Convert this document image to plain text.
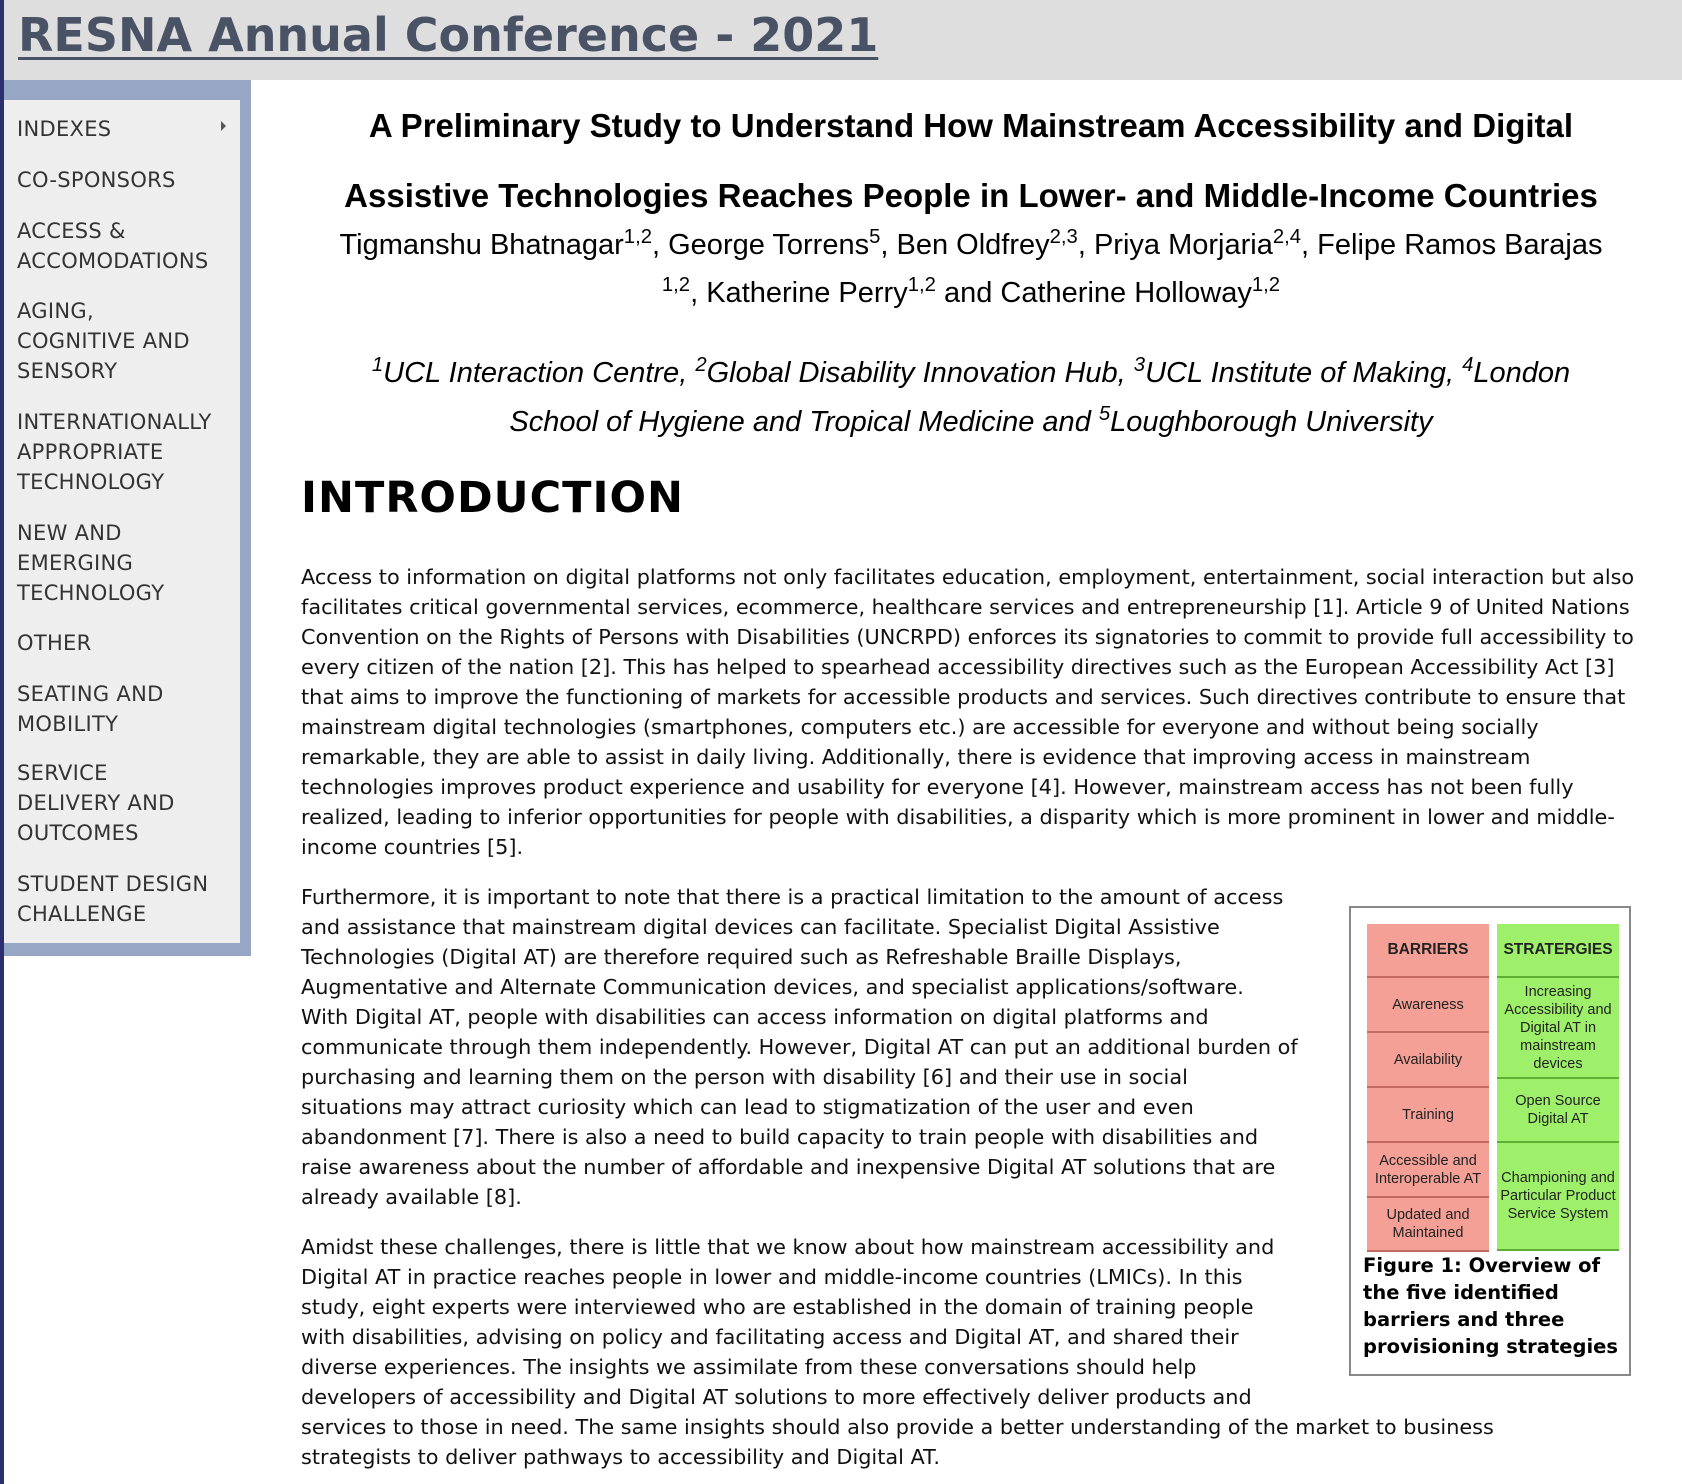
RESNA Annual Conference - 2021
INDEXES
CO-SPONSORS
ACCESS &
ACCOMODATIONS
AGING,
COGNITIVE AND
SENSORY
INTERNATIONALLY
APPROPRIATE
TECHNOLOGY
NEW AND
EMERGING
TECHNOLOGY
OTHER
SEATING AND
MOBILITY
SERVICE
DELIVERY AND
OUTCOMES
STUDENT DESIGN
CHALLENGE
A Preliminary Study to Understand How Mainstream Accessibility and Digital
Assistive Technologies Reaches People in Lower- and Middle-Income Countries
Tigmanshu Bhatnagar$^{1,2}$, George Torrens$^5$, Ben Oldfrey$^{2,3}$, Priya Morjaria$^{2,4}$, Felipe Ramos Barajas
$^{1,2}$, Katherine Perry$^{1,2}$ and Catherine Holloway$^{1,2}$
$^1$UCL Interaction Centre, $^2$Global Disability Innovation Hub, $^3$UCL Institute of Making, $^4$London
School of Hygiene and Tropical Medicine and $^5$Loughborough University
INTRODUCTION
Access to information on digital platforms not only facilitates education, employment, entertainment, social interaction but also facilitates critical governmental services, ecommerce, healthcare services and entrepreneurship [1]. Article 9 of United Nations Convention on the Rights of Persons with Disabilities (UNCRPD) enforces its signatories to commit to provide full accessibility to every citizen of the nation [2]. This has helped to spearhead accessibility directives such as the European Accessibility Act [3] that aims to improve the functioning of markets for accessible products and services. Such directives contribute to ensure that mainstream digital technologies (smartphones, computers etc.) are accessible for everyone and without being socially remarkable, they are able to assist in daily living. Additionally, there is evidence that improving access in mainstream technologies improves product experience and usability for everyone [4]. However, mainstream access has not been fully realized, leading to inferior opportunities for people with disabilities, a disparity which is more prominent in lower and middle-income countries [5].
Furthermore, it is important to note that there is a practical limitation to the amount of access
and assistance that mainstream digital devices can facilitate. Specialist Digital Assistive
Technologies (Digital AT) are therefore required such as Refreshable Braille Displays,
Augmentative and Alternate Communication devices, and specialist applications/software.
With Digital AT, people with disabilities can access information on digital platforms and
communicate through them independently. However, Digital AT can put an additional burden of
purchasing and learning them on the person with disability [6] and their use in social
situations may attract curiosity which can lead to stigmatization of the user and even
abandonment [7]. There is also a need to build capacity to train people with disabilities and
raise awareness about the number of affordable and inexpensive Digital AT solutions that are
already available [8].
Amidst these challenges, there is little that we know about how mainstream accessibility and
Digital AT in practice reaches people in lower and middle-income countries (LMICs). In this
study, eight experts were interviewed who are established in the domain of training people
with disabilities, advising on policy and facilitating access and Digital AT, and shared their
diverse experiences. The insights we assimilate from these conversations should help
developers of accessibility and Digital AT solutions to more effectively deliver products and
services to those in need. The same insights should also provide a better understanding of the market to business
strategists to deliver pathways to accessibility and Digital AT.
BARRIERS
Awareness
Availability
Training
Accessible and Interoperable AT
Updated and Maintained
STRATERGIES
Increasing Accessibility and Digital AT in mainstream devices
Open Source Digital AT
Championing and Particular Product Service System
Figure 1: Overview of the five identified barriers and three provisioning strategies
